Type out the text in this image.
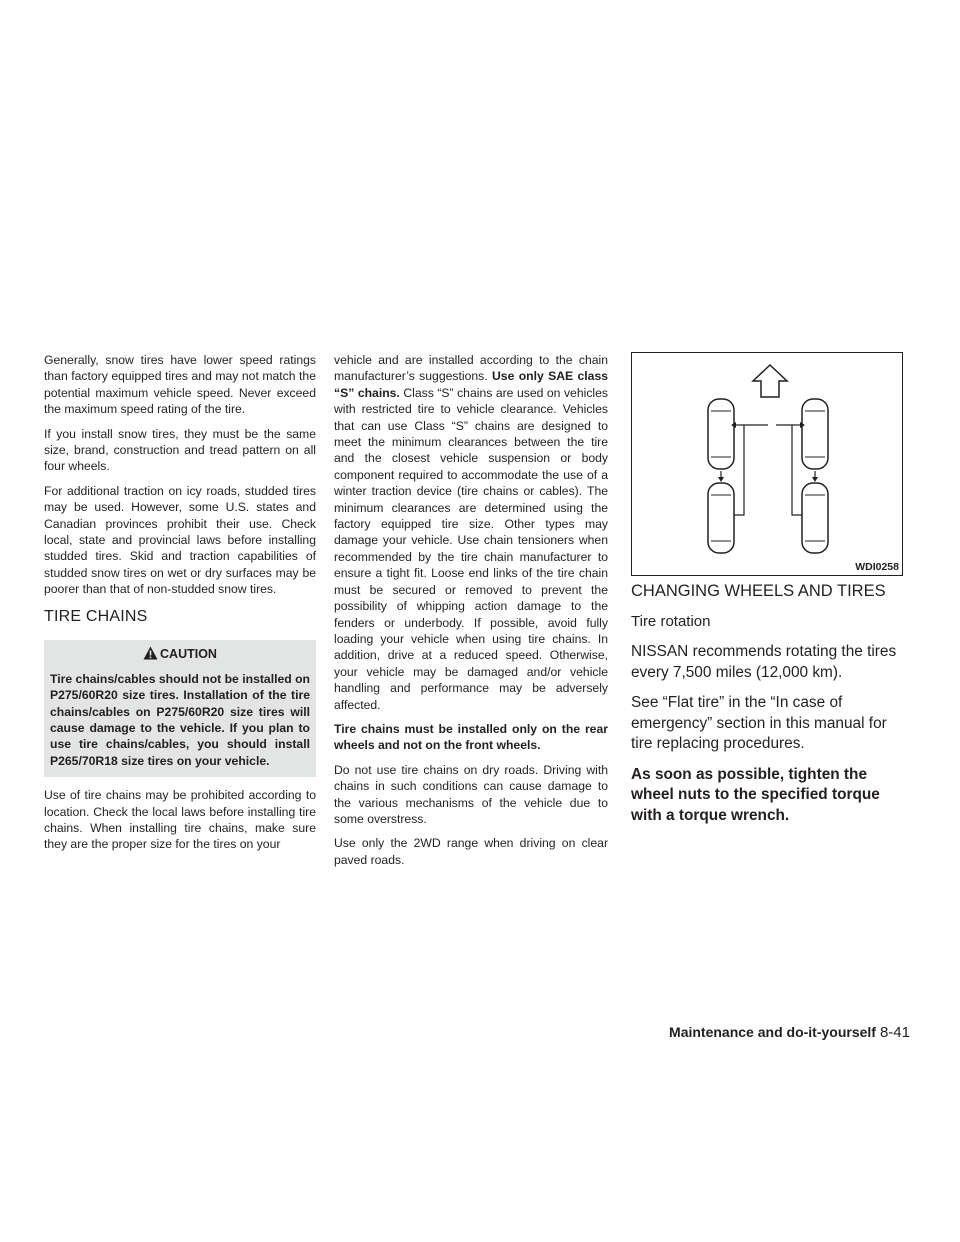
Generally, snow tires have lower speed ratings than factory equipped tires and may not match the potential maximum vehicle speed. Never exceed the maximum speed rating of the tire.

If you install snow tires, they must be the same size, brand, construction and tread pattern on all four wheels.

For additional traction on icy roads, studded tires may be used. However, some U.S. states and Canadian provinces prohibit their use. Check local, state and provincial laws before installing studded tires. Skid and traction capabilities of studded snow tires on wet or dry surfaces may be poorer than that of non-studded snow tires.

TIRE CHAINS
CAUTION
Tire chains/cables should not be installed on P275/60R20 size tires. Installation of the tire chains/cables on P275/60R20 size tires will cause damage to the vehicle. If you plan to use tire chains/cables, you should install P265/70R18 size tires on your vehicle.

Use of tire chains may be prohibited according to location. Check the local laws before installing tire chains. When installing tire chains, make sure they are the proper size for the tires on your

vehicle and are installed according to the chain manufacturer’s suggestions. Use only SAE class “S” chains. Class “S” chains are used on vehicles with restricted tire to vehicle clearance. Vehicles that can use Class “S” chains are designed to meet the minimum clearances between the tire and the closest vehicle suspension or body component required to accommodate the use of a winter traction device (tire chains or cables). The minimum clearances are determined using the factory equipped tire size. Other types may damage your vehicle. Use chain tensioners when recommended by the tire chain manufacturer to ensure a tight fit. Loose end links of the tire chain must be secured or removed to prevent the possibility of whipping action damage to the fenders or underbody. If possible, avoid fully loading your vehicle when using tire chains. In addition, drive at a reduced speed. Otherwise, your vehicle may be damaged and/or vehicle handling and performance may be adversely affected.

Tire chains must be installed only on the rear wheels and not on the front wheels.

Do not use tire chains on dry roads. Driving with chains in such conditions can cause damage to the various mechanisms of the vehicle due to some overstress.

Use only the 2WD range when driving on clear paved roads.

WDI0258
CHANGING WHEELS AND TIRES
Tire rotation

NISSAN recommends rotating the tires every 7,500 miles (12,000 km).

See “Flat tire” in the “In case of emergency” section in this manual for tire replacing procedures.

As soon as possible, tighten the wheel nuts to the specified torque with a torque wrench.

Maintenance and do-it-yourself 8-41
